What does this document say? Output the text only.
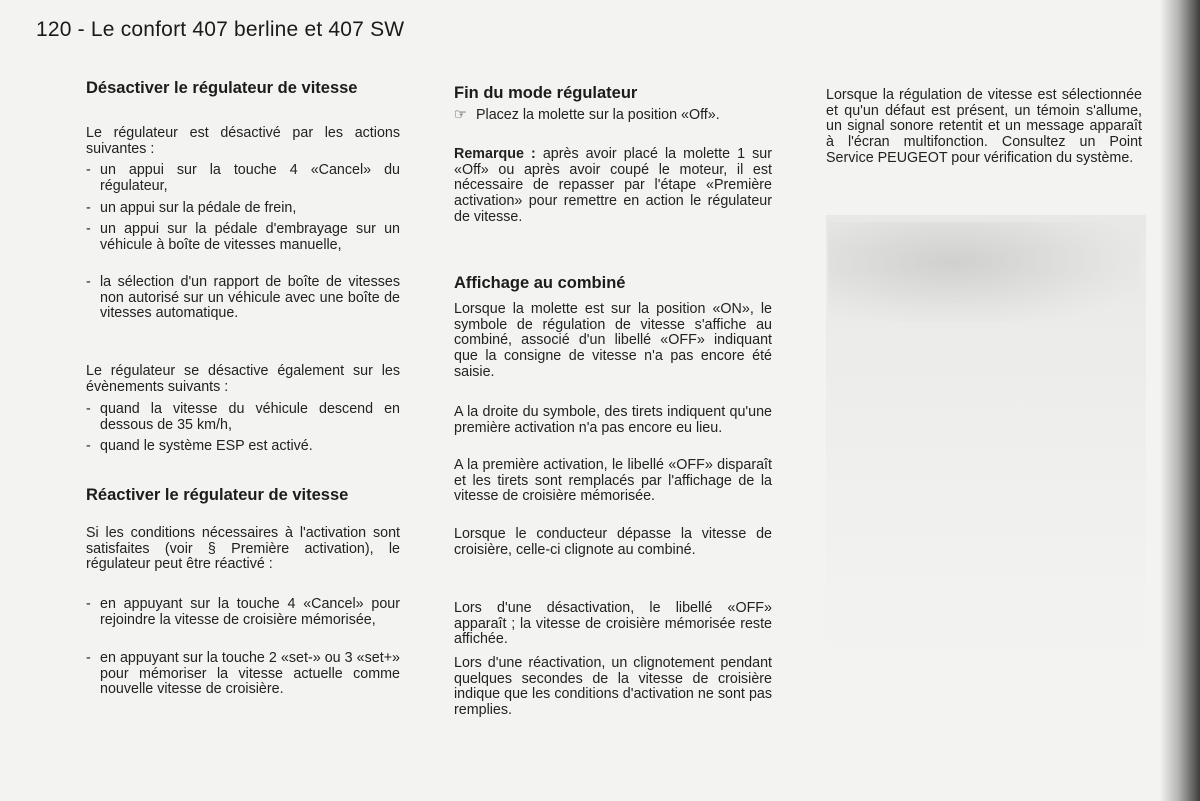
120 - Le confort 407 berline et 407 SW
Désactiver le régulateur de vitesse

Le régulateur est désactivé par les actions suivantes :

- un appui sur la touche 4 «Cancel» du régulateur,
- un appui sur la pédale de frein,
- un appui sur la pédale d'embrayage sur un véhicule à boîte de vitesses manuelle,
- la sélection d'un rapport de boîte de vitesses non autorisé sur un véhicule avec une boîte de vitesses automatique.

Le régulateur se désactive également sur les évènements suivants :

- quand la vitesse du véhicule descend en dessous de 35 km/h,
- quand le système ESP est activé.
Réactiver le régulateur de vitesse

Si les conditions nécessaires à l'activation sont satisfaites (voir § Première activation), le régulateur peut être réactivé :

- en appuyant sur la touche 4 «Cancel» pour rejoindre la vitesse de croisière mémorisée,
- en appuyant sur la touche 2 «set-» ou 3 «set+» pour mémoriser la vitesse actuelle comme nouvelle vitesse de croisière.
Fin du mode régulateur
☞ Placez la molette sur la position «Off».

Remarque : après avoir placé la molette 1 sur «Off» ou après avoir coupé le moteur, il est nécessaire de repasser par l'étape «Première activation» pour remettre en action le régulateur de vitesse.

Affichage au combiné

Lorsque la molette est sur la position «ON», le symbole de régulation de vitesse s'affiche au combiné, associé d'un libellé «OFF» indiquant que la consigne de vitesse n'a pas encore été saisie.

A la droite du symbole, des tirets indiquent qu'une première activation n'a pas encore eu lieu.

A la première activation, le libellé «OFF» disparaît et les tirets sont remplacés par l'affichage de la vitesse de croisière mémorisée.

Lorsque le conducteur dépasse la vitesse de croisière, celle-ci clignote au combiné.

Lors d'une désactivation, le libellé «OFF» apparaît ; la vitesse de croisière mémorisée reste affichée.

Lors d'une réactivation, un clignotement pendant quelques secondes de la vitesse de croisière indique que les conditions d'activation ne sont pas remplies.

Lorsque la régulation de vitesse est sélectionnée et qu'un défaut est présent, un témoin s'allume, un signal sonore retentit et un message apparaît à l'écran multifonction. Consultez un Point Service PEUGEOT pour vérification du système.
